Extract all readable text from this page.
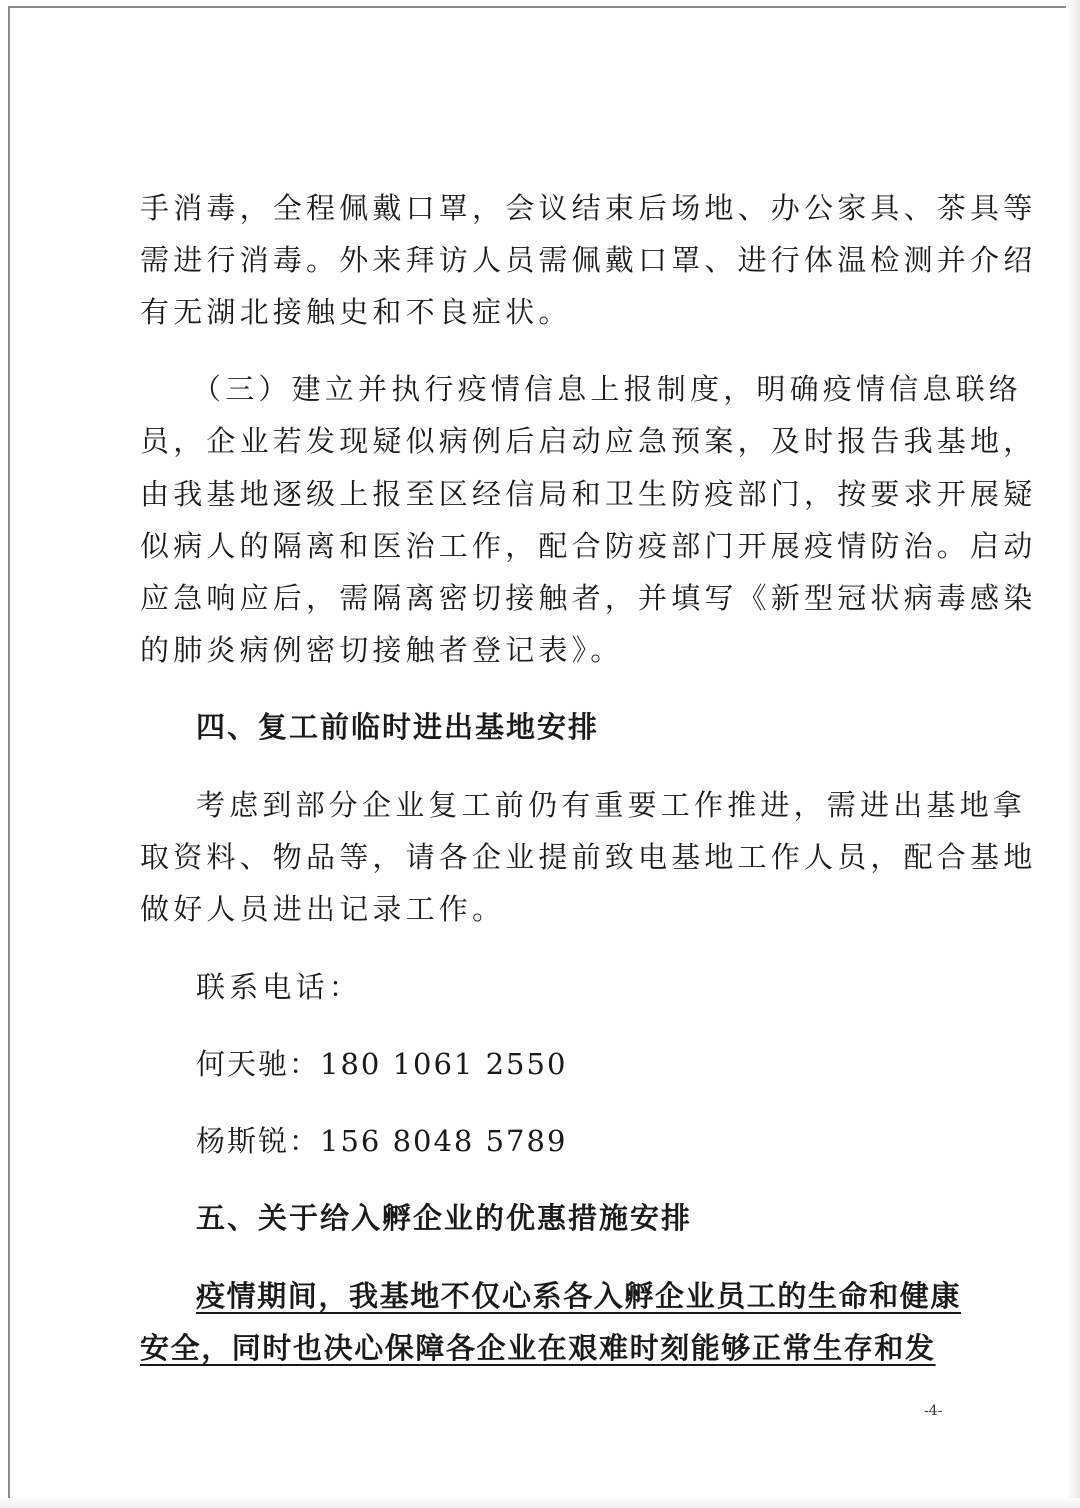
手消毒，全程佩戴口罩，会议结束后场地、办公家具、茶具等
需进行消毒。外来拜访人员需佩戴口罩、进行体温检测并介绍
有无湖北接触史和不良症状。
（三）建立并执行疫情信息上报制度，明确疫情信息联络
员，企业若发现疑似病例后启动应急预案，及时报告我基地，
由我基地逐级上报至区经信局和卫生防疫部门，按要求开展疑
似病人的隔离和医治工作，配合防疫部门开展疫情防治。启动
应急响应后，需隔离密切接触者，并填写《新型冠状病毒感染
的肺炎病例密切接触者登记表》。
四、复工前临时进出基地安排
考虑到部分企业复工前仍有重要工作推进，需进出基地拿
取资料、物品等，请各企业提前致电基地工作人员，配合基地
做好人员进出记录工作。
联系电话：
何天驰：180 1061 2550
杨斯锐：156 8048 5789
五、关于给入孵企业的优惠措施安排
疫情期间，我基地不仅心系各入孵企业员工的生命和健康
安全，同时也决心保障各企业在艰难时刻能够正常生存和发
-4-
